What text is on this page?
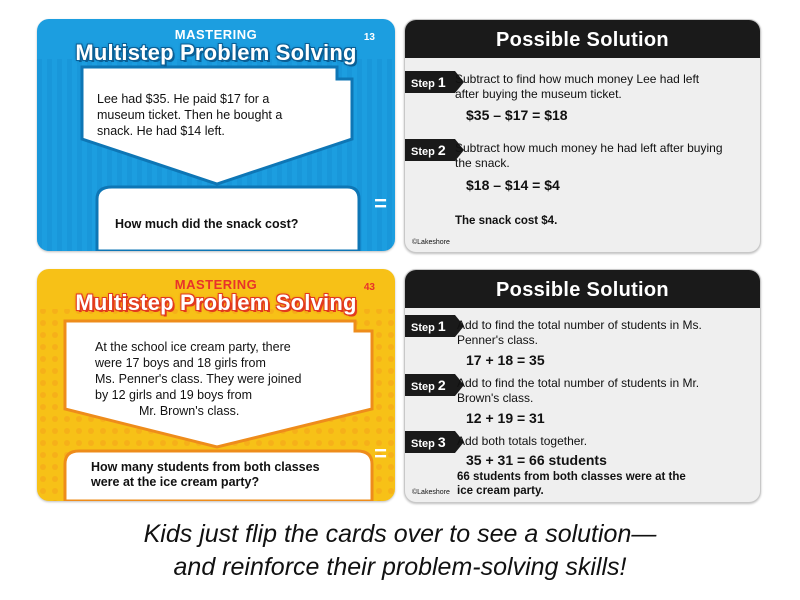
MASTERING
Multistep Problem Solving
13
Lee had $35. He paid $17 for a
museum ticket. Then he bought a
snack. He had $14 left.
How much did the snack cost?
=
MASTERING
Multistep Problem Solving
43
At the school ice cream party, there
were 17 boys and 18 girls from
Ms. Penner's class. They were joined
by 12 girls and 19 boys from
Mr. Brown's class.
How many students from both classes
were at the ice cream party?
=
Possible Solution
Step 1 Subtract to find how much money Lee had left
after buying the museum ticket.
$35 – $17 = $18
Step 2 Subtract how much money he had left after buying
the snack.
$18 – $14 = $4
The snack cost $4.
©Lakeshore
Possible Solution
Step 1 Add to find the total number of students in Ms.
Penner's class.
17 + 18 = 35
Step 2 Add to find the total number of students in Mr.
Brown's class.
12 + 19 = 31
Step 3 Add both totals together.
35 + 31 = 66 students
66 students from both classes were at the
ice cream party.
©Lakeshore
Kids just flip the cards over to see a solution—
and reinforce their problem-solving skills!
